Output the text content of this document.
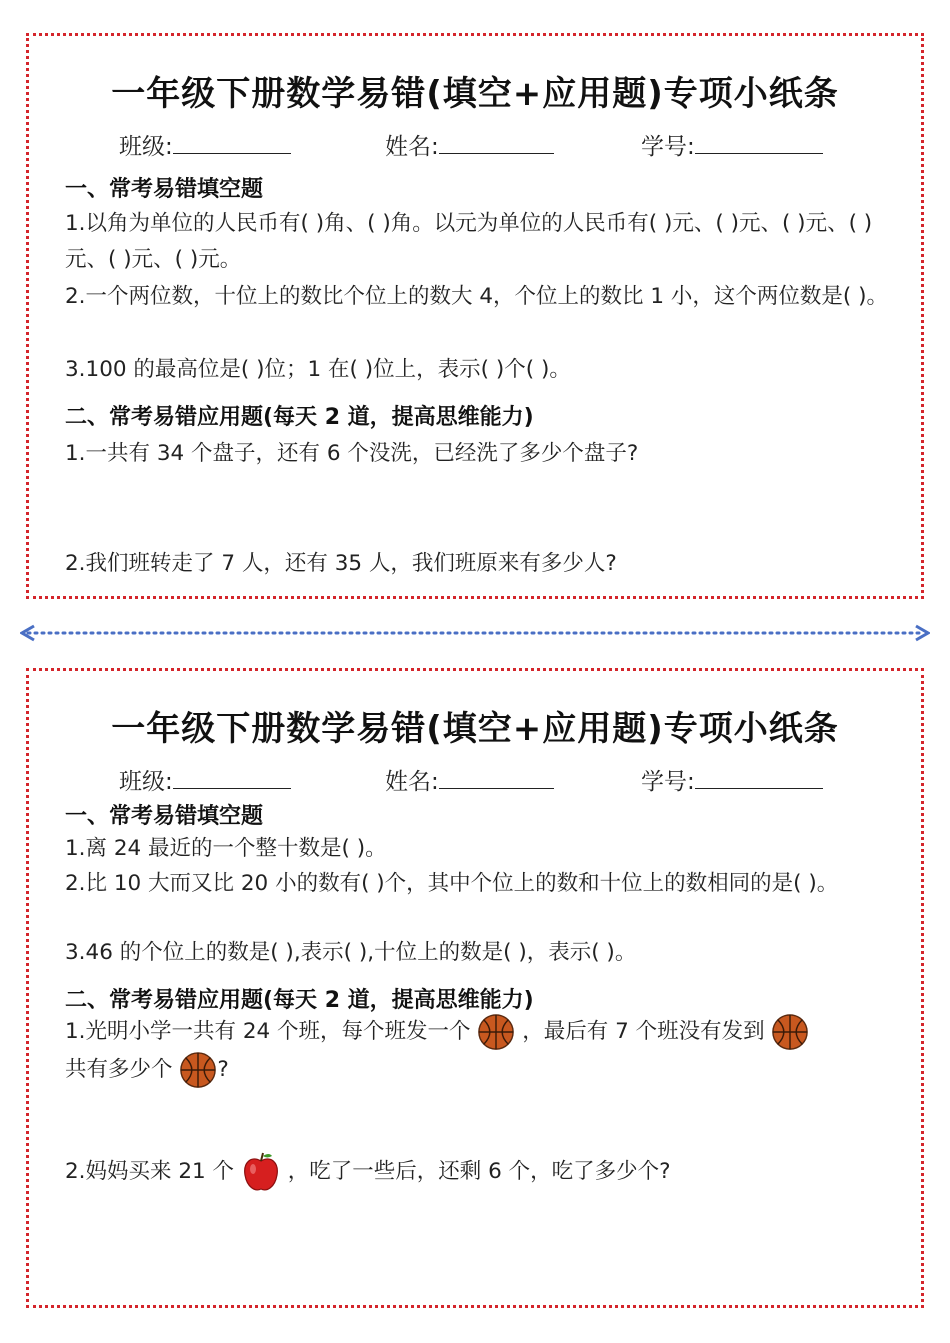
一年级下册数学易错(填空+应用题)专项小纸条
班级:	姓名:	学号:
一、常考易错填空题
1.以角为单位的人民币有( )角、( )角。以元为单位的人民币有( )元、( )元、( )元、( )元、( )元、( )元。
2.一个两位数，十位上的数比个位上的数大 4，个位上的数比 1 小，这个两位数是( )。
3.100 的最高位是( )位；1 在( )位上，表示( )个( )。
二、常考易错应用题(每天 2 道，提高思维能力)
1.一共有 34 个盘子，还有 6 个没洗，已经洗了多少个盘子?
2.我们班转走了 7 人，还有 35 人，我们班原来有多少人?
一年级下册数学易错(填空+应用题)专项小纸条
班级:	姓名:	学号:
一、常考易错填空题
1.离 24 最近的一个整十数是( )。
2.比 10 大而又比 20 小的数有( )个，其中个位上的数和十位上的数相同的是( )。
3.46 的个位上的数是( ),表示( ),十位上的数是( )，表示( )。
二、常考易错应用题(每天 2 道，提高思维能力)
1.光明小学一共有 24 个班，每个班发一个 ，最后有 7 个班没有发到
共有多少个 ?
2.妈妈买来 21 个 ，吃了一些后，还剩 6 个，吃了多少个?
